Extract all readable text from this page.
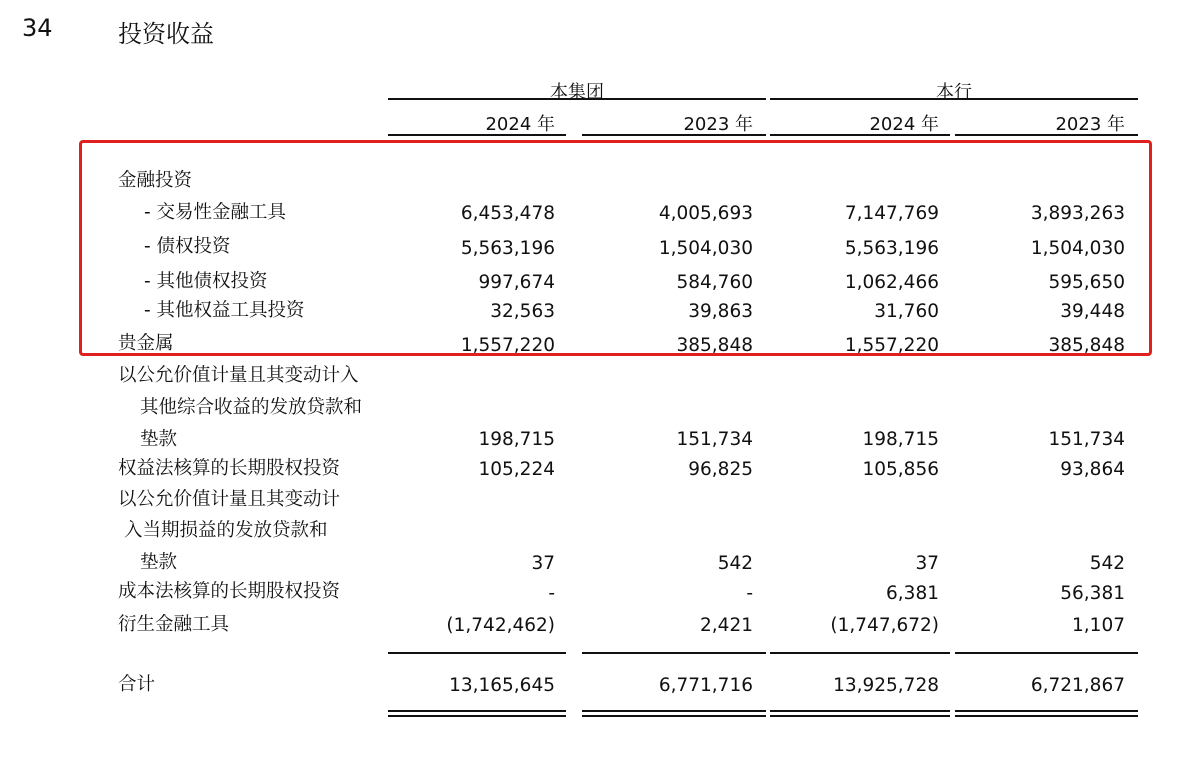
34	投资收益
本集团	本行
2024 年	2023 年	2024 年	2023 年
金融投资
- 交易性金融工具	6,453,478	4,005,693	7,147,769	3,893,263
- 债权投资	5,563,196	1,504,030	5,563,196	1,504,030
- 其他债权投资	997,674	584,760	1,062,466	595,650
- 其他权益工具投资	32,563	39,863	31,760	39,448
贵金属	1,557,220	385,848	1,557,220	385,848
以公允价值计量且其变动计入
其他综合收益的发放贷款和
垫款	198,715	151,734	198,715	151,734
权益法核算的长期股权投资	105,224	96,825	105,856	93,864
以公允价值计量且其变动计
入当期损益的发放贷款和
垫款	37	542	37	542
成本法核算的长期股权投资	-	-	6,381	56,381
衍生金融工具	(1,742,462)	2,421	(1,747,672)	1,107
合计	13,165,645	6,771,716	13,925,728	6,721,867
